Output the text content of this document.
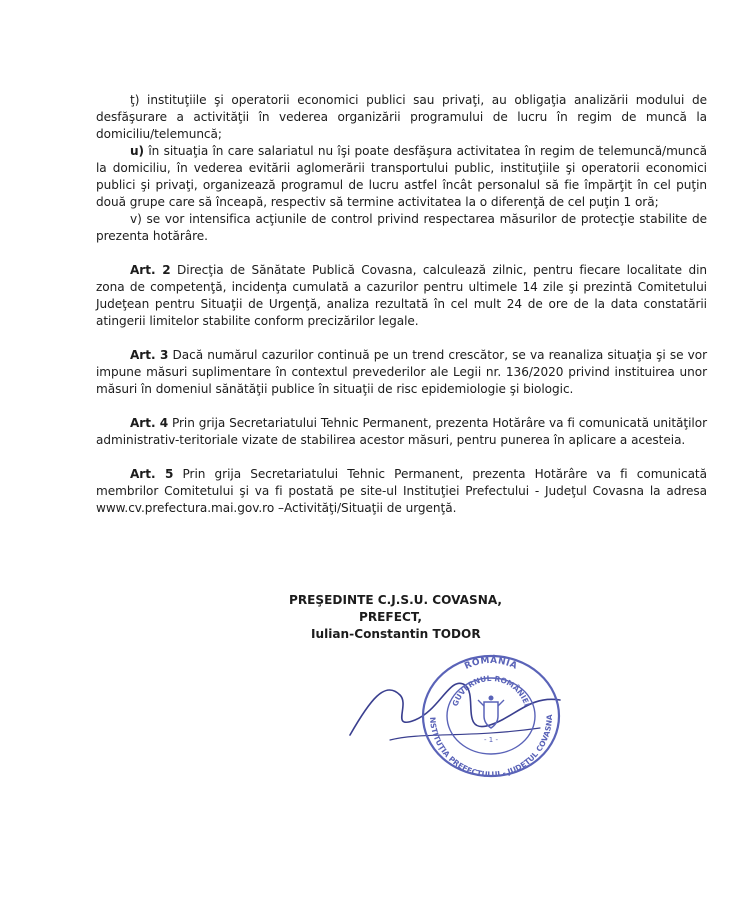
ţ) instituţiile şi operatorii economici publici sau privaţi, au obligaţia analizării modului de desfăşurare a activităţii în vederea organizării programului de lucru în regim de muncă la domiciliu/telemuncă;

u) în situaţia în care salariatul nu îşi poate desfăşura activitatea în regim de telemuncă/muncă la domiciliu, în vederea evitării aglomerării transportului public, instituţiile şi operatorii economici publici şi privaţi, organizează programul de lucru astfel încât personalul să fie împărţit în cel puţin două grupe care să înceapă, respectiv să termine activitatea la o diferenţă de cel puţin 1 oră;

v) se vor intensifica acţiunile de control privind respectarea măsurilor de protecţie stabilite de prezenta hotărâre.

Art. 2 Direcţia de Sănătate Publică Covasna, calculează zilnic, pentru fiecare localitate din zona de competenţă, incidenţa cumulată a cazurilor pentru ultimele 14 zile şi prezintă Comitetului Judeţean pentru Situaţii de Urgenţă, analiza rezultată în cel mult 24 de ore de la data constatării atingerii limitelor stabilite conform precizărilor legale.

Art. 3 Dacă numărul cazurilor continuă pe un trend crescător, se va reanaliza situaţia şi se vor impune măsuri suplimentare în contextul prevederilor ale Legii nr. 136/2020 privind instituirea unor măsuri în domeniul sănătăţii publice în situaţii de risc epidemiologie şi biologic.

Art. 4 Prin grija Secretariatului Tehnic Permanent, prezenta Hotărâre va fi comunicată unităţilor administrativ-teritoriale vizate de stabilirea acestor măsuri, pentru punerea în aplicare a acesteia.

Art. 5 Prin grija Secretariatului Tehnic Permanent, prezenta Hotărâre va fi comunicată membrilor Comitetului şi va fi postată pe site-ul Instituţiei Prefectului - Judeţul Covasna la adresa www.cv.prefectura.mai.gov.ro –Activităţi/Situaţii de urgenţă.

PREŞEDINTE C.J.S.U. COVASNA,
PREFECT,
Iulian-Constantin TODOR
ROMÂNIA
GUVERNUL ROMÂNIEI
NSTITUŢIA PREFECTULUI - JUDEŢUL COVASNA
- 1 -
